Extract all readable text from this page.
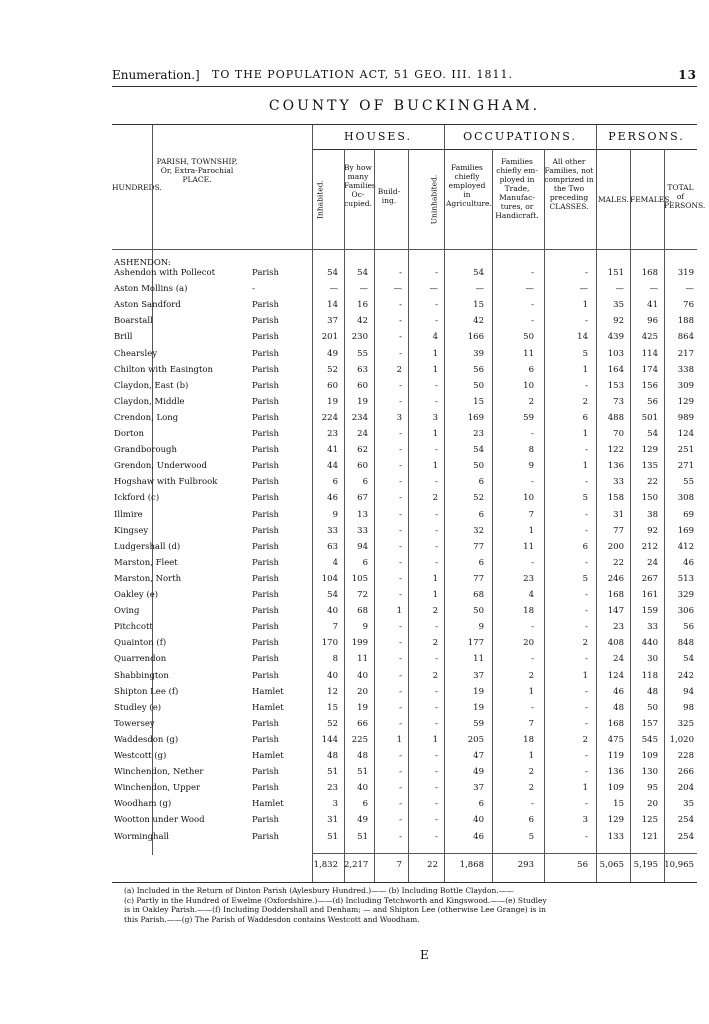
Enumeration.] TO THE POPULATION ACT, 51 GEO. III. 1811.	13
COUNTY OF BUCKINGHAM.
HOUSES.	OCCUPATIONS.	PERSONS.
HUNDREDS.
PARISH, TOWNSHIP, Or, Extra-Parochial PLACE.
Inhabited.
By how many Families Oc- cupied.
Build- ing.	Uninhabited.
Families chiefly employed in Agriculture.
Families chiefly em- ployed in Trade, Manufac- tures, or Handicraft.
All other Families, not comprized in the Two preceding CLASSES.
MALES. FEMALES.
TOTAL of PERSONS.
ASHENDON:
Ashendon with Pollecot	Parish	54	54	-	-	54	-	-	151	168	319
Aston Mollins (a)	-	—	—	—	—	—	—	—	—	—	—
Aston Sandford	Parish	14	16	-	-	15	-	1	35	41	76
Boarstall	Parish	37	42	-	-	42	-	-	92	96	188
Brill	Parish	201	230	-	4	166	50	14	439	425	864
Chearsley	Parish	49	55	-	1	39	11	5	103	114	217
Chilton with Easington	Parish	52	63	2	1	56	6	1	164	174	338
Claydon, East (b)	Parish	60	60	-	-	50	10	-	153	156	309
Claydon, Middle	Parish	19	19	-	-	15	2	2	73	56	129
Crendon, Long	Parish	224	234	3	3	169	59	6	488	501	989
Dorton	Parish	23	24	-	1	23	-	1	70	54	124
Grandborough	Parish	41	62	-	-	54	8	-	122	129	251
Grendon, Underwood	Parish	44	60	-	1	50	9	1	136	135	271
Hogshaw with Fulbrook	Parish	6	6	-	-	6	-	-	33	22	55
Ickford (c)	Parish	46	67	-	2	52	10	5	158	150	308
Illmire	Parish	9	13	-	-	6	7	-	31	38	69
Kingsey	Parish	33	33	-	-	32	1	-	77	92	169
Ludgershall (d)	Parish	63	94	-	-	77	11	6	200	212	412
Marston, Fleet	Parish	4	6	-	-	6	-	-	22	24	46
Marston, North	Parish	104	105	-	1	77	23	5	246	267	513
Oakley (e)	Parish	54	72	-	1	68	4	-	168	161	329
Oving	Parish	40	68	1	2	50	18	-	147	159	306
Pitchcott	Parish	7	9	-	-	9	-	-	23	33	56
Quainton (f)	Parish	170	199	-	2	177	20	2	408	440	848
Quarrendon	Parish	8	11	-	-	11	-	-	24	30	54
Shabbington	Parish	40	40	-	2	37	2	1	124	118	242
Shipton Lee (f)	Hamlet	12	20	-	-	19	1	-	46	48	94
Studley (e)	Hamlet	15	19	-	-	19	-	-	48	50	98
Towersey	Parish	52	66	-	-	59	7	-	168	157	325
Waddesdon (g)	Parish	144	225	1	1	205	18	2	475	545	1,020
Westcott (g)	Hamlet	48	48	-	-	47	1	-	119	109	228
Winchendon, Nether	Parish	51	51	-	-	49	2	-	136	130	266
Winchendon, Upper	Parish	23	40	-	-	37	2	1	109	95	204
Woodham (g)	Hamlet	3	6	-	-	6	-	-	15	20	35
Wootton under Wood	Parish	31	49	-	-	40	6	3	129	125	254
Worminghall	Parish	51	51	-	-	46	5	-	133	121	254
1,832 2,217	7	22	1,868	293	56	5,065	5,195 10,965

(a) Included in the Return of Dinton Parish (Aylesbury Hundred.)—— (b) Including Bottle Claydon.——

(c) Partly in the Hundred of Ewelme (Oxfordshire.)——(d) Including Tetchworth and Kingswood.——(e) Studley

is in Oakley Parish.——(f) Including Doddershall and Denham; — and Shipton Lee (otherwise Lee Grange) is in

this Parish.——(g) The Parish of Waddesdon contains Westcott and Woodham.

E
